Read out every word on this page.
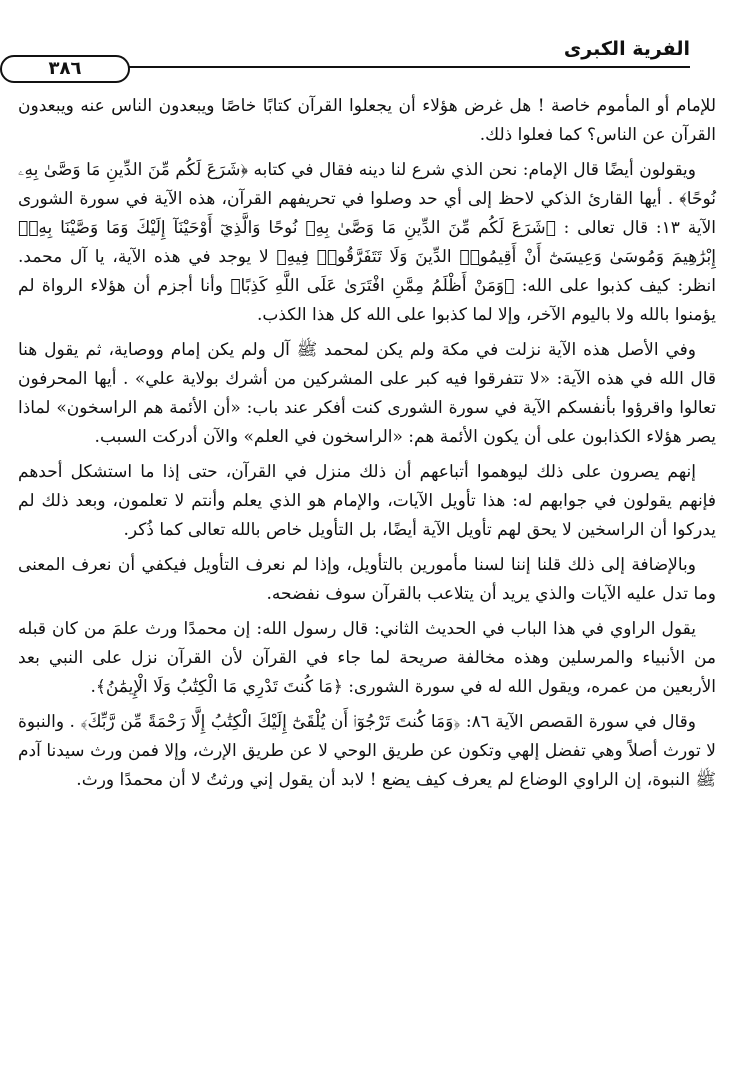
الفرية الكبرى
٣٨٦

للإمام أو المأموم خاصة ! هل غرض هؤلاء أن يجعلوا القرآن كتابًا خاصًا ويبعدون الناس عنه ويبعدون القرآن عن الناس؟ كما فعلوا ذلك.

ويقولون أيضًا قال الإمام: نحن الذي شرع لنا دينه فقال في كتابه ﴿شَرَعَ لَكُم مِّنَ الدِّينِ مَا وَصَّىٰ بِهِۦ نُوحًا﴾ . أيها القارئ الذكي لاحظ إلى أي حد وصلوا في تحريفهم القرآن، هذه الآية في سورة الشورى الآية ١٣: قال تعالى : ﴿شَرَعَ لَكُم مِّنَ الدِّينِ مَا وَصَّىٰ بِهِۦ نُوحًا وَالَّذِيٓ أَوْحَيْنَآ إِلَيْكَ وَمَا وَصَّيْنَا بِهِۦٓ إِبْرَٰهِيمَ وَمُوسَىٰ وَعِيسَىٰٓ أَنْ أَقِيمُوا۟ الدِّينَ وَلَا تَتَفَرَّقُوا۟ فِيهِ﴾ لا يوجد في هذه الآية، يا آل محمد. انظر: كيف كذبوا على الله: ﴿وَمَنْ أَظْلَمُ مِمَّنِ افْتَرَىٰ عَلَى اللَّهِ كَذِبًا﴾ وأنا أجزم أن هؤلاء الرواة لم يؤمنوا بالله ولا باليوم الآخر، وإلا لما كذبوا على الله كل هذا الكذب.

وفي الأصل هذه الآية نزلت في مكة ولم يكن لمحمد ﷺ آل ولم يكن إمام ووصاية، ثم يقول هنا قال الله في هذه الآية: «لا تتفرقوا فيه كبر على المشركين من أشرك بولاية علي» . أيها المحرفون تعالوا واقرؤوا بأنفسكم الآية في سورة الشورى كنت أفكر عند باب: «أن الأئمة هم الراسخون» لماذا يصر هؤلاء الكذابون على أن يكون الأئمة هم: «الراسخون في العلم» والآن أدركت السبب.

إنهم يصرون على ذلك ليوهموا أتباعهم أن ذلك منزل في القرآن، حتى إذا ما استشكل أحدهم فإنهم يقولون في جوابهم له: هذا تأويل الآيات، والإمام هو الذي يعلم وأنتم لا تعلمون، وبعد ذلك لم يدركوا أن الراسخين لا يحق لهم تأويل الآية أيضًا، بل التأويل خاص بالله تعالى كما ذُكر.

وبالإضافة إلى ذلك قلنا إننا لسنا مأمورين بالتأويل، وإذا لم نعرف التأويل فيكفي أن نعرف المعنى وما تدل عليه الآيات والذي يريد أن يتلاعب بالقرآن سوف نفضحه.

يقول الراوي في هذا الباب في الحديث الثاني: قال رسول الله: إن محمدًا ورث علمَ من كان قبله من الأنبياء والمرسلين وهذه مخالفة صريحة لما جاء في القرآن لأن القرآن نزل على النبي بعد الأربعين من عمره، ويقول الله له في سورة الشورى: ﴿مَا كُنتَ تَدْرِي مَا الْكِتَٰبُ وَلَا الْإِيمَٰنُ﴾.

وقال في سورة القصص الآية ٨٦: ﴿وَمَا كُنتَ تَرْجُوٓا۟ أَن يُلْقَىٰٓ إِلَيْكَ الْكِتَٰبُ إِلَّا رَحْمَةً مِّن رَّبِّكَ﴾ . والنبوة لا تورث أصلاً وهي تفضل إلهي وتكون عن طريق الوحي لا عن طريق الإرث، وإلا فمن ورث سيدنا آدم ﷺ النبوة، إن الراوي الوضاع لم يعرف كيف يضع ! لابد أن يقول إني ورثتُ لا أن محمدًا ورث.
